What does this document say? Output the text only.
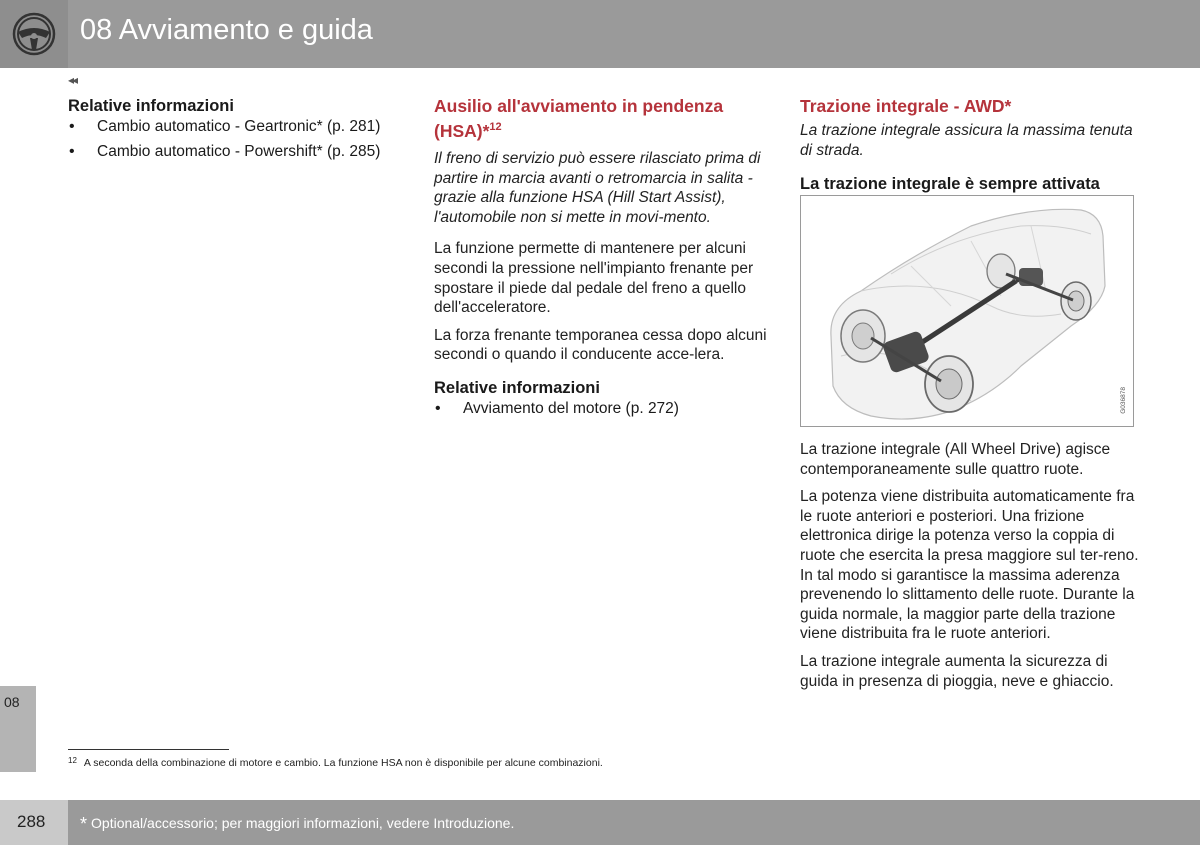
08 Avviamento e guida
08
◂◂
Relative informazioni
• Cambio automatico - Geartronic* (p. 281)
• Cambio automatico - Powershift* (p. 285)
Ausilio all'avviamento in pendenza
(HSA)*$^{12}$

Il freno di servizio può essere rilasciato prima di partire in marcia avanti o retromarcia in salita - grazie alla funzione HSA (Hill Start Assist), l'automobile non si mette in movi-mento.

La funzione permette di mantenere per alcuni secondi la pressione nell'impianto frenante per spostare il piede dal pedale del freno a quello dell'acceleratore.

La forza frenante temporanea cessa dopo alcuni secondi o quando il conducente acce-lera.

Relative informazioni
• Avviamento del motore (p. 272)
Trazione integrale - AWD*

La trazione integrale assicura la massima tenuta di strada.

La trazione integrale è sempre attivata
G036878

La trazione integrale (All Wheel Drive) agisce contemporaneamente sulle quattro ruote.

La potenza viene distribuita automaticamente fra le ruote anteriori e posteriori. Una frizione elettronica dirige la potenza verso la coppia di ruote che esercita la presa maggiore sul ter-reno. In tal modo si garantisce la massima aderenza prevenendo lo slittamento delle ruote. Durante la guida normale, la maggior parte della trazione viene distribuita fra le ruote anteriori.

La trazione integrale aumenta la sicurezza di guida in presenza di pioggia, neve e ghiaccio.

$^{12}$ A seconda della combinazione di motore e cambio. La funzione HSA non è disponibile per alcune combinazioni.
288 * Optional/accessorio; per maggiori informazioni, vedere Introduzione.
